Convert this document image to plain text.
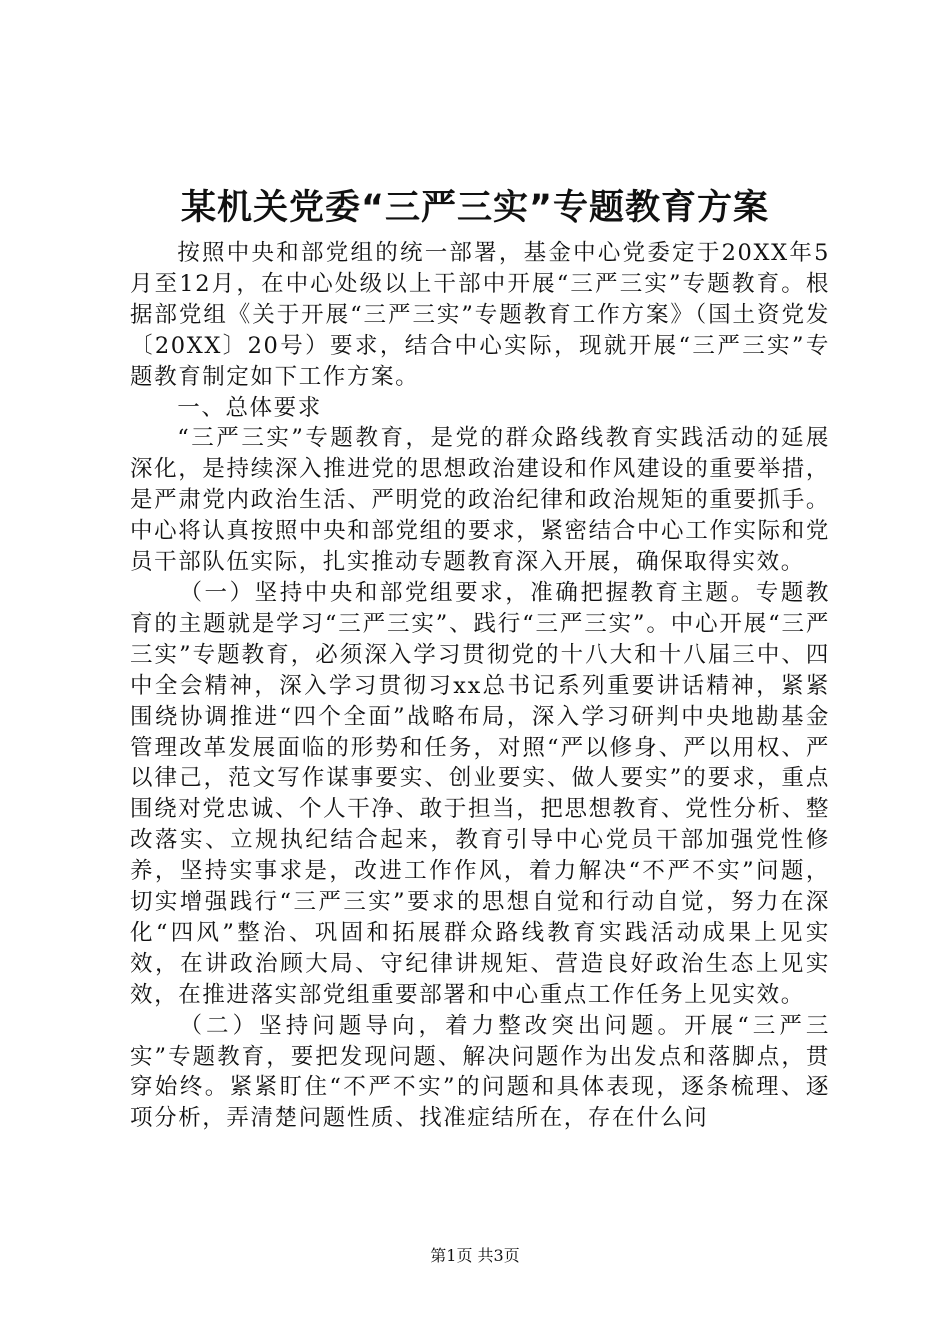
某机关党委“三严三实”专题教育方案

按照中央和部党组的统一部署，基金中心党委定于20XX年5月至12月，在中心处级以上干部中开展“三严三实”专题教育。根据部党组《关于开展“三严三实”专题教育工作方案》（国土资党发〔20XX〕20号）要求，结合中心实际，现就开展“三严三实”专题教育制定如下工作方案。

一、总体要求

“三严三实”专题教育，是党的群众路线教育实践活动的延展深化，是持续深入推进党的思想政治建设和作风建设的重要举措，是严肃党内政治生活、严明党的政治纪律和政治规矩的重要抓手。中心将认真按照中央和部党组的要求，紧密结合中心工作实际和党员干部队伍实际，扎实推动专题教育深入开展，确保取得实效。

（一）坚持中央和部党组要求，准确把握教育主题。专题教育的主题就是学习“三严三实”、践行“三严三实”。中心开展“三严三实”专题教育，必须深入学习贯彻党的十八大和十八届三中、四中全会精神，深入学习贯彻习xx总书记系列重要讲话精神，紧紧围绕协调推进“四个全面”战略布局，深入学习研判中央地勘基金管理改革发展面临的形势和任务，对照“严以修身、严以用权、严以律己，范文写作谋事要实、创业要实、做人要实”的要求，重点围绕对党忠诚、个人干净、敢于担当，把思想教育、党性分析、整改落实、立规执纪结合起来，教育引导中心党员干部加强党性修养，坚持实事求是，改进工作作风，着力解决“不严不实”问题，切实增强践行“三严三实”要求的思想自觉和行动自觉，努力在深化“四风”整治、巩固和拓展群众路线教育实践活动成果上见实效，在讲政治顾大局、守纪律讲规矩、营造良好政治生态上见实效，在推进落实部党组重要部署和中心重点工作任务上见实效。

（二）坚持问题导向，着力整改突出问题。开展“三严三实”专题教育，要把发现问题、解决问题作为出发点和落脚点，贯穿始终。紧紧盯住“不严不实”的问题和具体表现，逐条梳理、逐项分析，弄清楚问题性质、找准症结所在，存在什么问

第1页 共3页
